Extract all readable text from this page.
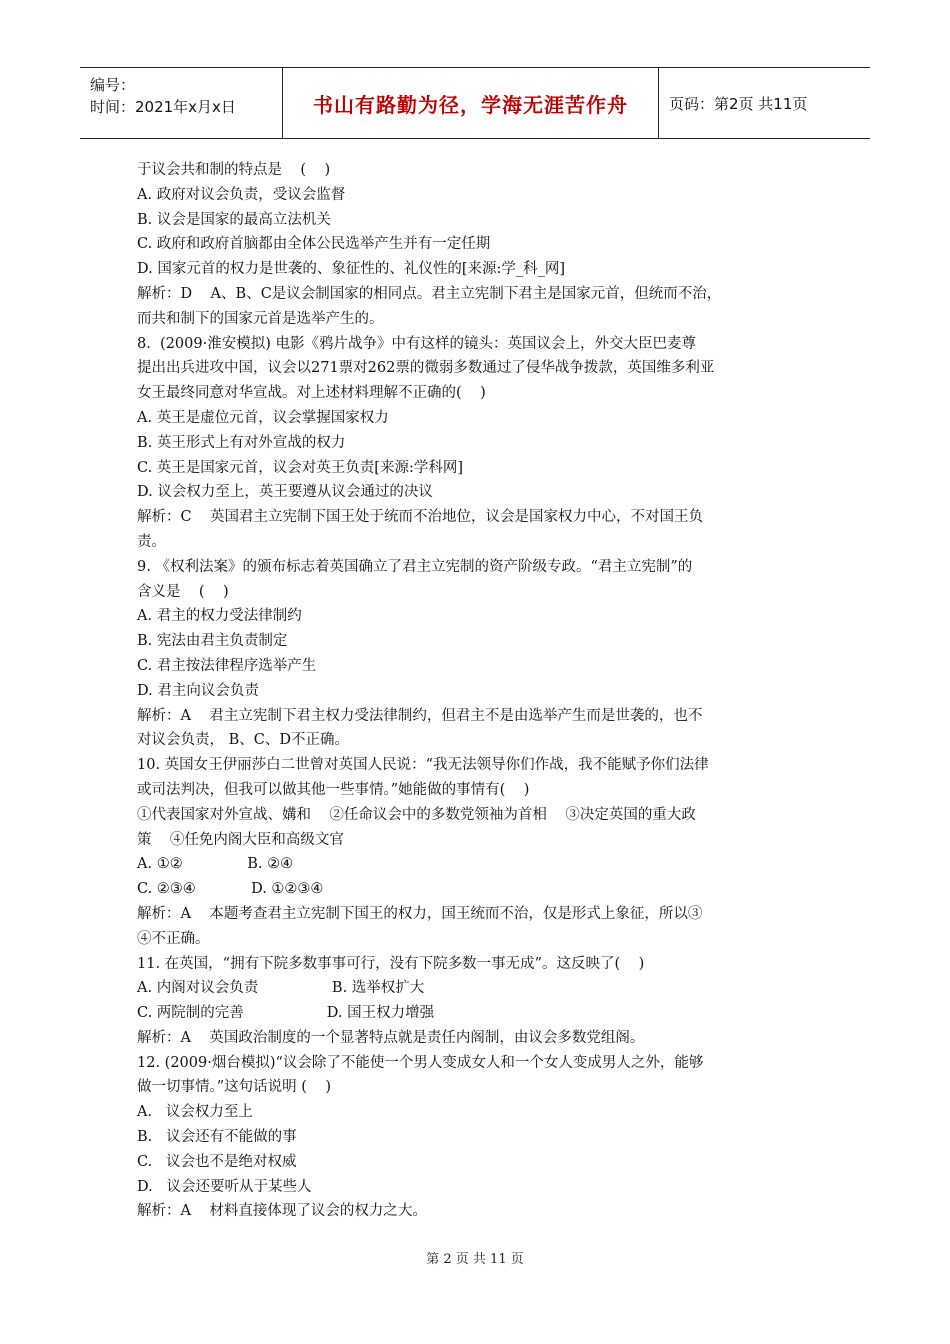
编号：
时间：2021年x月x日	书山有路勤为径，学海无涯苦作舟	页码：第2页 共11页
于议会共和制的特点是    (    )
A. 政府对议会负责，受议会监督
B. 议会是国家的最高立法机关
C. 政府和政府首脑都由全体公民选举产生并有一定任期
D. 国家元首的权力是世袭的、象征性的、礼仪性的[来源:学_科_网]
解析：D    A、B、C是议会制国家的相同点。君主立宪制下君主是国家元首，但统而不治，
而共和制下的国家元首是选举产生的。
8.  (2009·淮安模拟) 电影《鸦片战争》中有这样的镜头：英国议会上，外交大臣巴麦尊
提出出兵进攻中国，议会以271票对262票的微弱多数通过了侵华战争拨款，英国维多利亚
女王最终同意对华宣战。对上述材料理解不正确的(    )
A. 英王是虚位元首，议会掌握国家权力
B. 英王形式上有对外宣战的权力
C. 英王是国家元首，议会对英王负责[来源:学科网]
D. 议会权力至上，英王要遵从议会通过的决议
解析：C    英国君主立宪制下国王处于统而不治地位，议会是国家权力中心，不对国王负
责。
9. 《权利法案》的颁布标志着英国确立了君主立宪制的资产阶级专政。“君主立宪制”的
含义是    (    )
A. 君主的权力受法律制约
B. 宪法由君主负责制定
C. 君主按法律程序选举产生
D. 君主向议会负责
解析：A    君主立宪制下君主权力受法律制约，但君主不是由选举产生而是世袭的，也不
对议会负责， B、C、D不正确。
10. 英国女王伊丽莎白二世曾对英国人民说：“我无法领导你们作战，我不能赋予你们法律
或司法判决，但我可以做其他一些事情。”她能做的事情有(    )
①代表国家对外宣战、媾和    ②任命议会中的多数党领袖为首相    ③决定英国的重大政
策    ④任免内阁大臣和高级文官
A. ①②              B. ②④
C. ②③④            D. ①②③④
解析：A    本题考查君主立宪制下国王的权力，国王统而不治，仅是形式上象征，所以③
④不正确。
11. 在英国，“拥有下院多数事事可行，没有下院多数一事无成”。这反映了(    )
A. 内阁对议会负责                B. 选举权扩大
C. 两院制的完善                  D. 国王权力增强
解析：A    英国政治制度的一个显著特点就是责任内阁制，由议会多数党组阁。
12. (2009·烟台模拟)“议会除了不能使一个男人变成女人和一个女人变成男人之外，能够
做一切事情。”这句话说明 (    )
A.   议会权力至上
B.   议会还有不能做的事
C.   议会也不是绝对权威
D.   议会还要听从于某些人
解析：A    材料直接体现了议会的权力之大。
第 2 页 共 11 页
